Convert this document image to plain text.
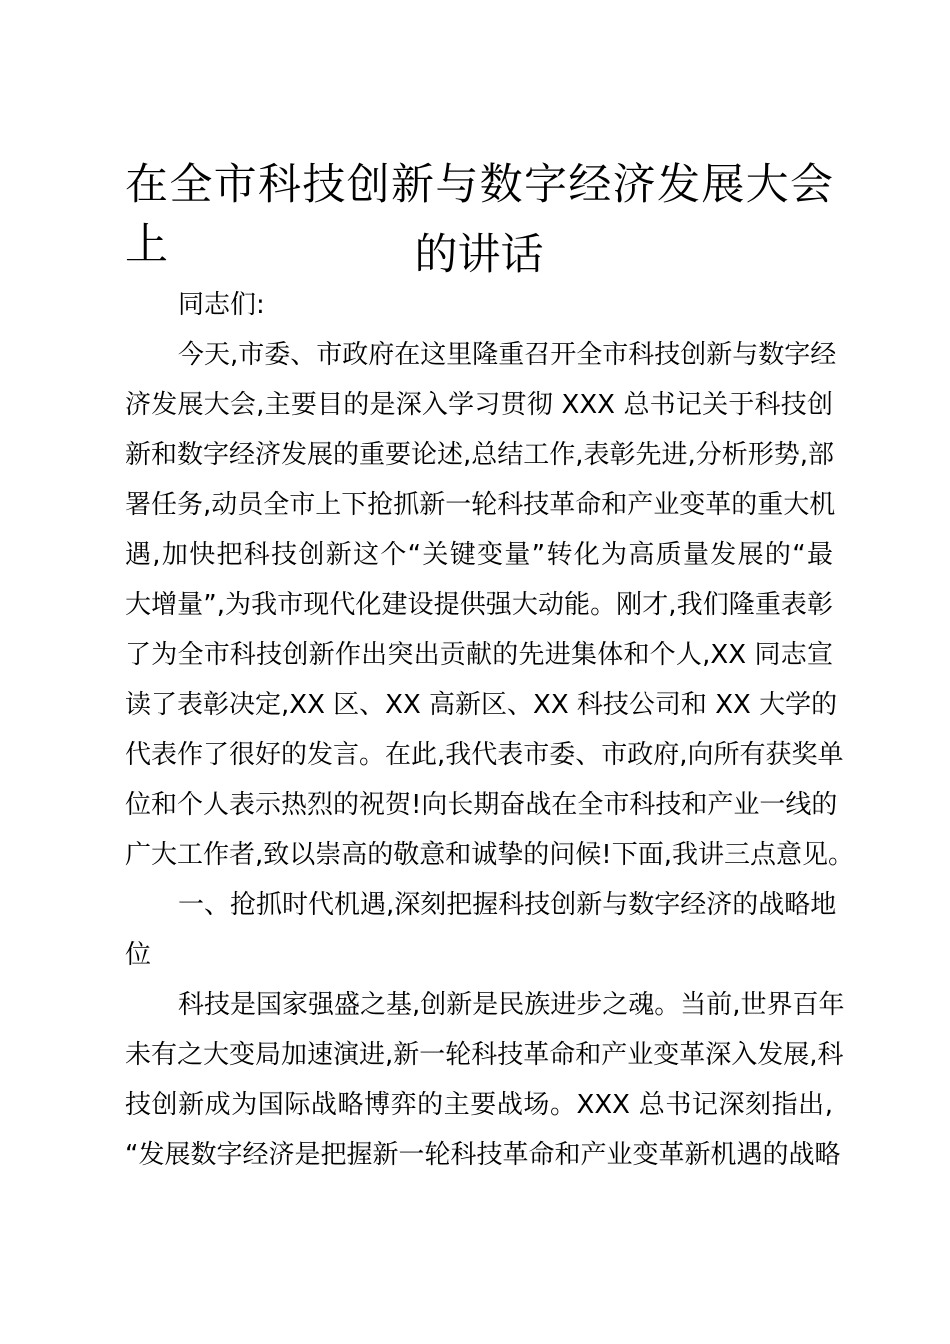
在全市科技创新与数字经济发展大会上	的讲话
同志们:
今天,市委、市政府在这里隆重召开全市科技创新与数字经
济发展大会,主要目的是深入学习贯彻 XXX 总书记关于科技创
新和数字经济发展的重要论述,总结工作,表彰先进,分析形势,部
署任务,动员全市上下抢抓新一轮科技革命和产业变革的重大机
遇,加快把科技创新这个“关键变量”转化为高质量发展的“最
大增量”,为我市现代化建设提供强大动能。刚才,我们隆重表彰
了为全市科技创新作出突出贡献的先进集体和个人,XX 同志宣
读了表彰决定,XX 区、XX 高新区、XX 科技公司和 XX 大学的
代表作了很好的发言。在此,我代表市委、市政府,向所有获奖单
位和个人表示热烈的祝贺!向长期奋战在全市科技和产业一线的
广大工作者,致以崇高的敬意和诚挚的问候!下面,我讲三点意见。
一、抢抓时代机遇,深刻把握科技创新与数字经济的战略地
位
科技是国家强盛之基,创新是民族进步之魂。当前,世界百年
未有之大变局加速演进,新一轮科技革命和产业变革深入发展,科
技创新成为国际战略博弈的主要战场。XXX 总书记深刻指出,
“发展数字经济是把握新一轮科技革命和产业变革新机遇的战略
